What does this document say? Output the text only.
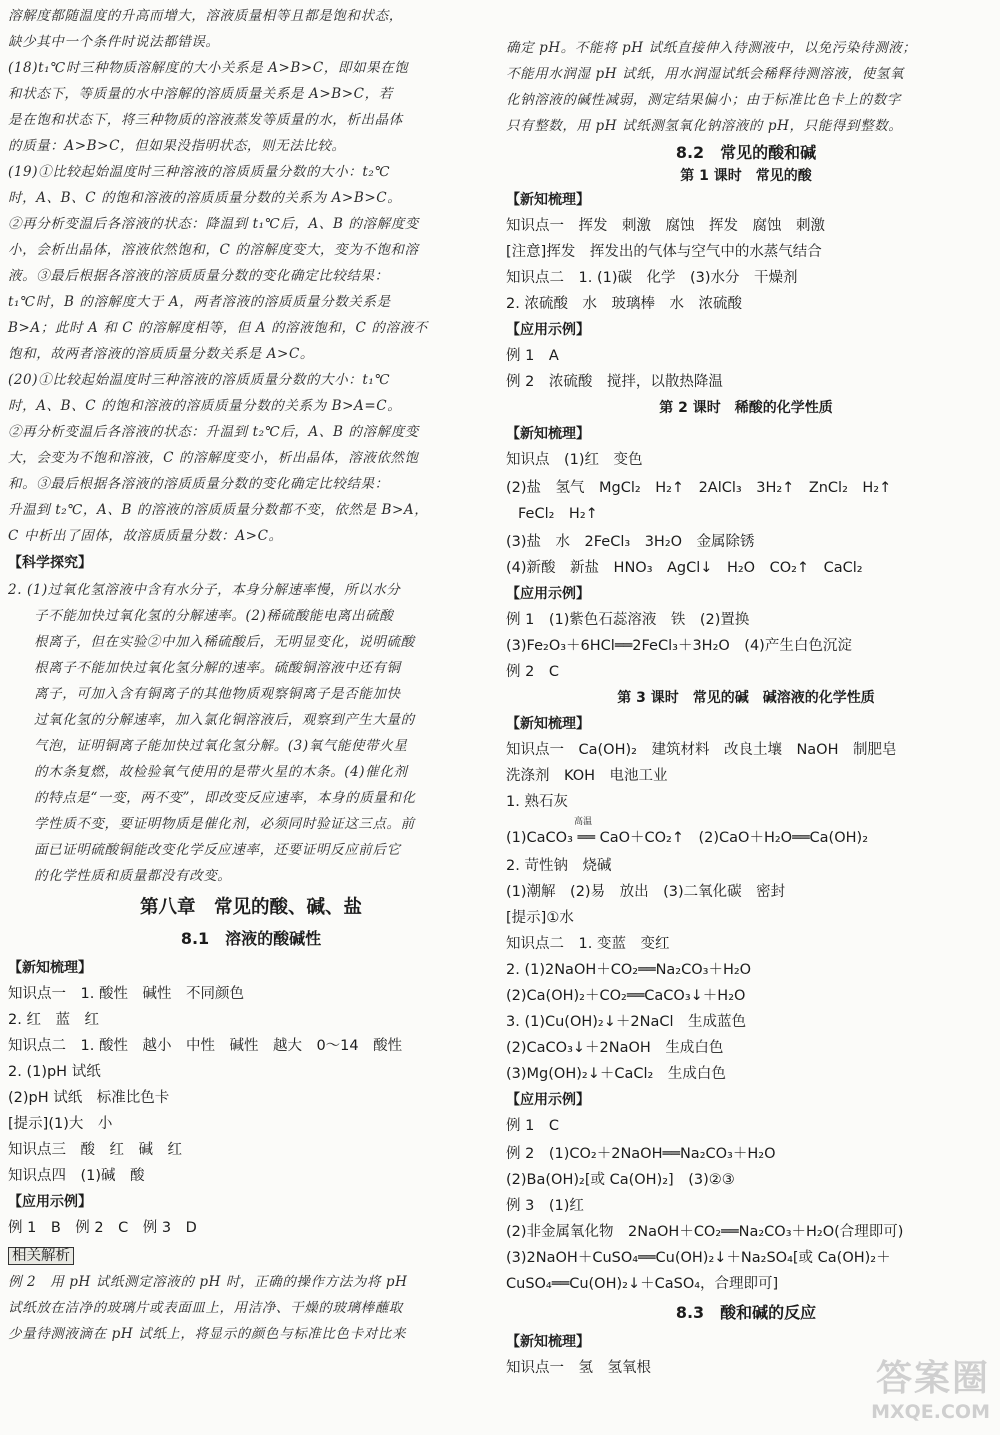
溶解度都随温度的升高而增大，溶液质量相等且都是饱和状态，
缺少其中一个条件时说法都错误。
(18)t₁℃时三种物质溶解度的大小关系是 A>B>C，即如果在饱
和状态下，等质量的水中溶解的溶质质量关系是 A>B>C，若
是在饱和状态下，将三种物质的溶液蒸发等质量的水，析出晶体
的质量：A>B>C，但如果没指明状态，则无法比较。
(19)①比较起始温度时三种溶液的溶质质量分数的大小：t₂℃
时，A、B、C 的饱和溶液的溶质质量分数的关系为 A>B>C。
②再分析变温后各溶液的状态：降温到 t₁℃后，A、B 的溶解度变
小，会析出晶体，溶液依然饱和，C 的溶解度变大，变为不饱和溶
液。③最后根据各溶液的溶质质量分数的变化确定比较结果：
t₁℃时，B 的溶解度大于 A，两者溶液的溶质质量分数关系是
B>A；此时 A 和 C 的溶解度相等，但 A 的溶液饱和，C 的溶液不
饱和，故两者溶液的溶质质量分数关系是 A>C。
(20)①比较起始温度时三种溶液的溶质质量分数的大小：t₁℃
时，A、B、C 的饱和溶液的溶质质量分数的关系为 B>A=C。
②再分析变温后各溶液的状态：升温到 t₂℃后，A、B 的溶解度变
大，会变为不饱和溶液，C 的溶解度变小，析出晶体，溶液依然饱
和。③最后根据各溶液的溶质质量分数的变化确定比较结果：
升温到 t₂℃，A、B 的溶液的溶质质量分数都不变，依然是 B>A，
C 中析出了固体，故溶质质量分数：A>C。
【科学探究】
2. (1)过氧化氢溶液中含有水分子，本身分解速率慢，所以水分
子不能加快过氧化氢的分解速率。(2)稀硫酸能电离出硫酸
根离子，但在实验②中加入稀硫酸后，无明显变化，说明硫酸
根离子不能加快过氧化氢分解的速率。硫酸铜溶液中还有铜
离子，可加入含有铜离子的其他物质观察铜离子是否能加快
过氧化氢的分解速率，加入氯化铜溶液后，观察到产生大量的
气泡，证明铜离子能加快过氧化氢分解。(3)氧气能使带火星
的木条复燃，故检验氧气使用的是带火星的木条。(4)催化剂
的特点是“一变，两不变”，即改变反应速率，本身的质量和化
学性质不变，要证明物质是催化剂，必须同时验证这三点。前
面已证明硫酸铜能改变化学反应速率，还要证明反应前后它
的化学性质和质量都没有改变。
第八章　常见的酸、碱、盐
8.1　溶液的酸碱性
【新知梳理】
知识点一　1. 酸性　碱性　不同颜色
2. 红　蓝　红
知识点二　1. 酸性　越小　中性　碱性　越大　0～14　酸性
2. (1)pH 试纸
(2)pH 试纸　标准比色卡
[提示](1)大　小
知识点三　酸　红　碱　红
知识点四　(1)碱　酸
【应用示例】
例 1　B　例 2　C　例 3　D
相关解析
例 2　用 pH 试纸测定溶液的 pH 时，正确的操作方法为将 pH
试纸放在洁净的玻璃片或表面皿上，用洁净、干燥的玻璃棒蘸取
少量待测液滴在 pH 试纸上，将显示的颜色与标准比色卡对比来
确定 pH。不能将 pH 试纸直接伸入待测液中，以免污染待测液；
不能用水润湿 pH 试纸，用水润湿试纸会稀释待测溶液，使氢氧
化钠溶液的碱性减弱，测定结果偏小；由于标准比色卡上的数字
只有整数，用 pH 试纸测氢氧化钠溶液的 pH，只能得到整数。
8.2　常见的酸和碱
第 1 课时　常见的酸
【新知梳理】
知识点一　挥发　刺激　腐蚀　挥发　腐蚀　刺激
[注意]挥发　挥发出的气体与空气中的水蒸气结合
知识点二　1. (1)碳　化学　(3)水分　干燥剂
2. 浓硫酸　水　玻璃棒　水　浓硫酸
【应用示例】
例 1　A
例 2　浓硫酸　搅拌，以散热降温
第 2 课时　稀酸的化学性质
【新知梳理】
知识点　(1)红　变色
(2)盐　氢气　MgCl₂　H₂↑　2AlCl₃　3H₂↑　ZnCl₂　H₂↑
FeCl₂　H₂↑
(3)盐　水　2FeCl₃　3H₂O　金属除锈
(4)新酸　新盐　HNO₃　AgCl↓　H₂O　CO₂↑　CaCl₂
【应用示例】
例 1　(1)紫色石蕊溶液　铁　(2)置换
(3)Fe₂O₃＋6HCl══2FeCl₃＋3H₂O　(4)产生白色沉淀
例 2　C
第 3 课时　常见的碱　碱溶液的化学性质
【新知梳理】
知识点一　Ca(OH)₂　建筑材料　改良土壤　NaOH　制肥皂
洗涤剂　KOH　电池工业
1. 熟石灰
高温
(1)CaCO₃ ══ CaO＋CO₂↑　(2)CaO＋H₂O══Ca(OH)₂
2. 苛性钠　烧碱
(1)潮解　(2)易　放出　(3)二氧化碳　密封
[提示]①水
知识点二　1. 变蓝　变红
2. (1)2NaOH＋CO₂══Na₂CO₃＋H₂O
(2)Ca(OH)₂＋CO₂══CaCO₃↓＋H₂O
3. (1)Cu(OH)₂↓＋2NaCl　生成蓝色
(2)CaCO₃↓＋2NaOH　生成白色
(3)Mg(OH)₂↓＋CaCl₂　生成白色
【应用示例】
例 1　C
例 2　(1)CO₂＋2NaOH══Na₂CO₃＋H₂O
(2)Ba(OH)₂[或 Ca(OH)₂]　(3)②③
例 3　(1)红
(2)非金属氧化物　2NaOH＋CO₂══Na₂CO₃＋H₂O(合理即可)
(3)2NaOH＋CuSO₄══Cu(OH)₂↓＋Na₂SO₄[或 Ca(OH)₂＋
CuSO₄══Cu(OH)₂↓＋CaSO₄，合理即可]
8.3　酸和碱的反应
【新知梳理】
知识点一　氢　氢氧根	答案圈
MXQE.COM
